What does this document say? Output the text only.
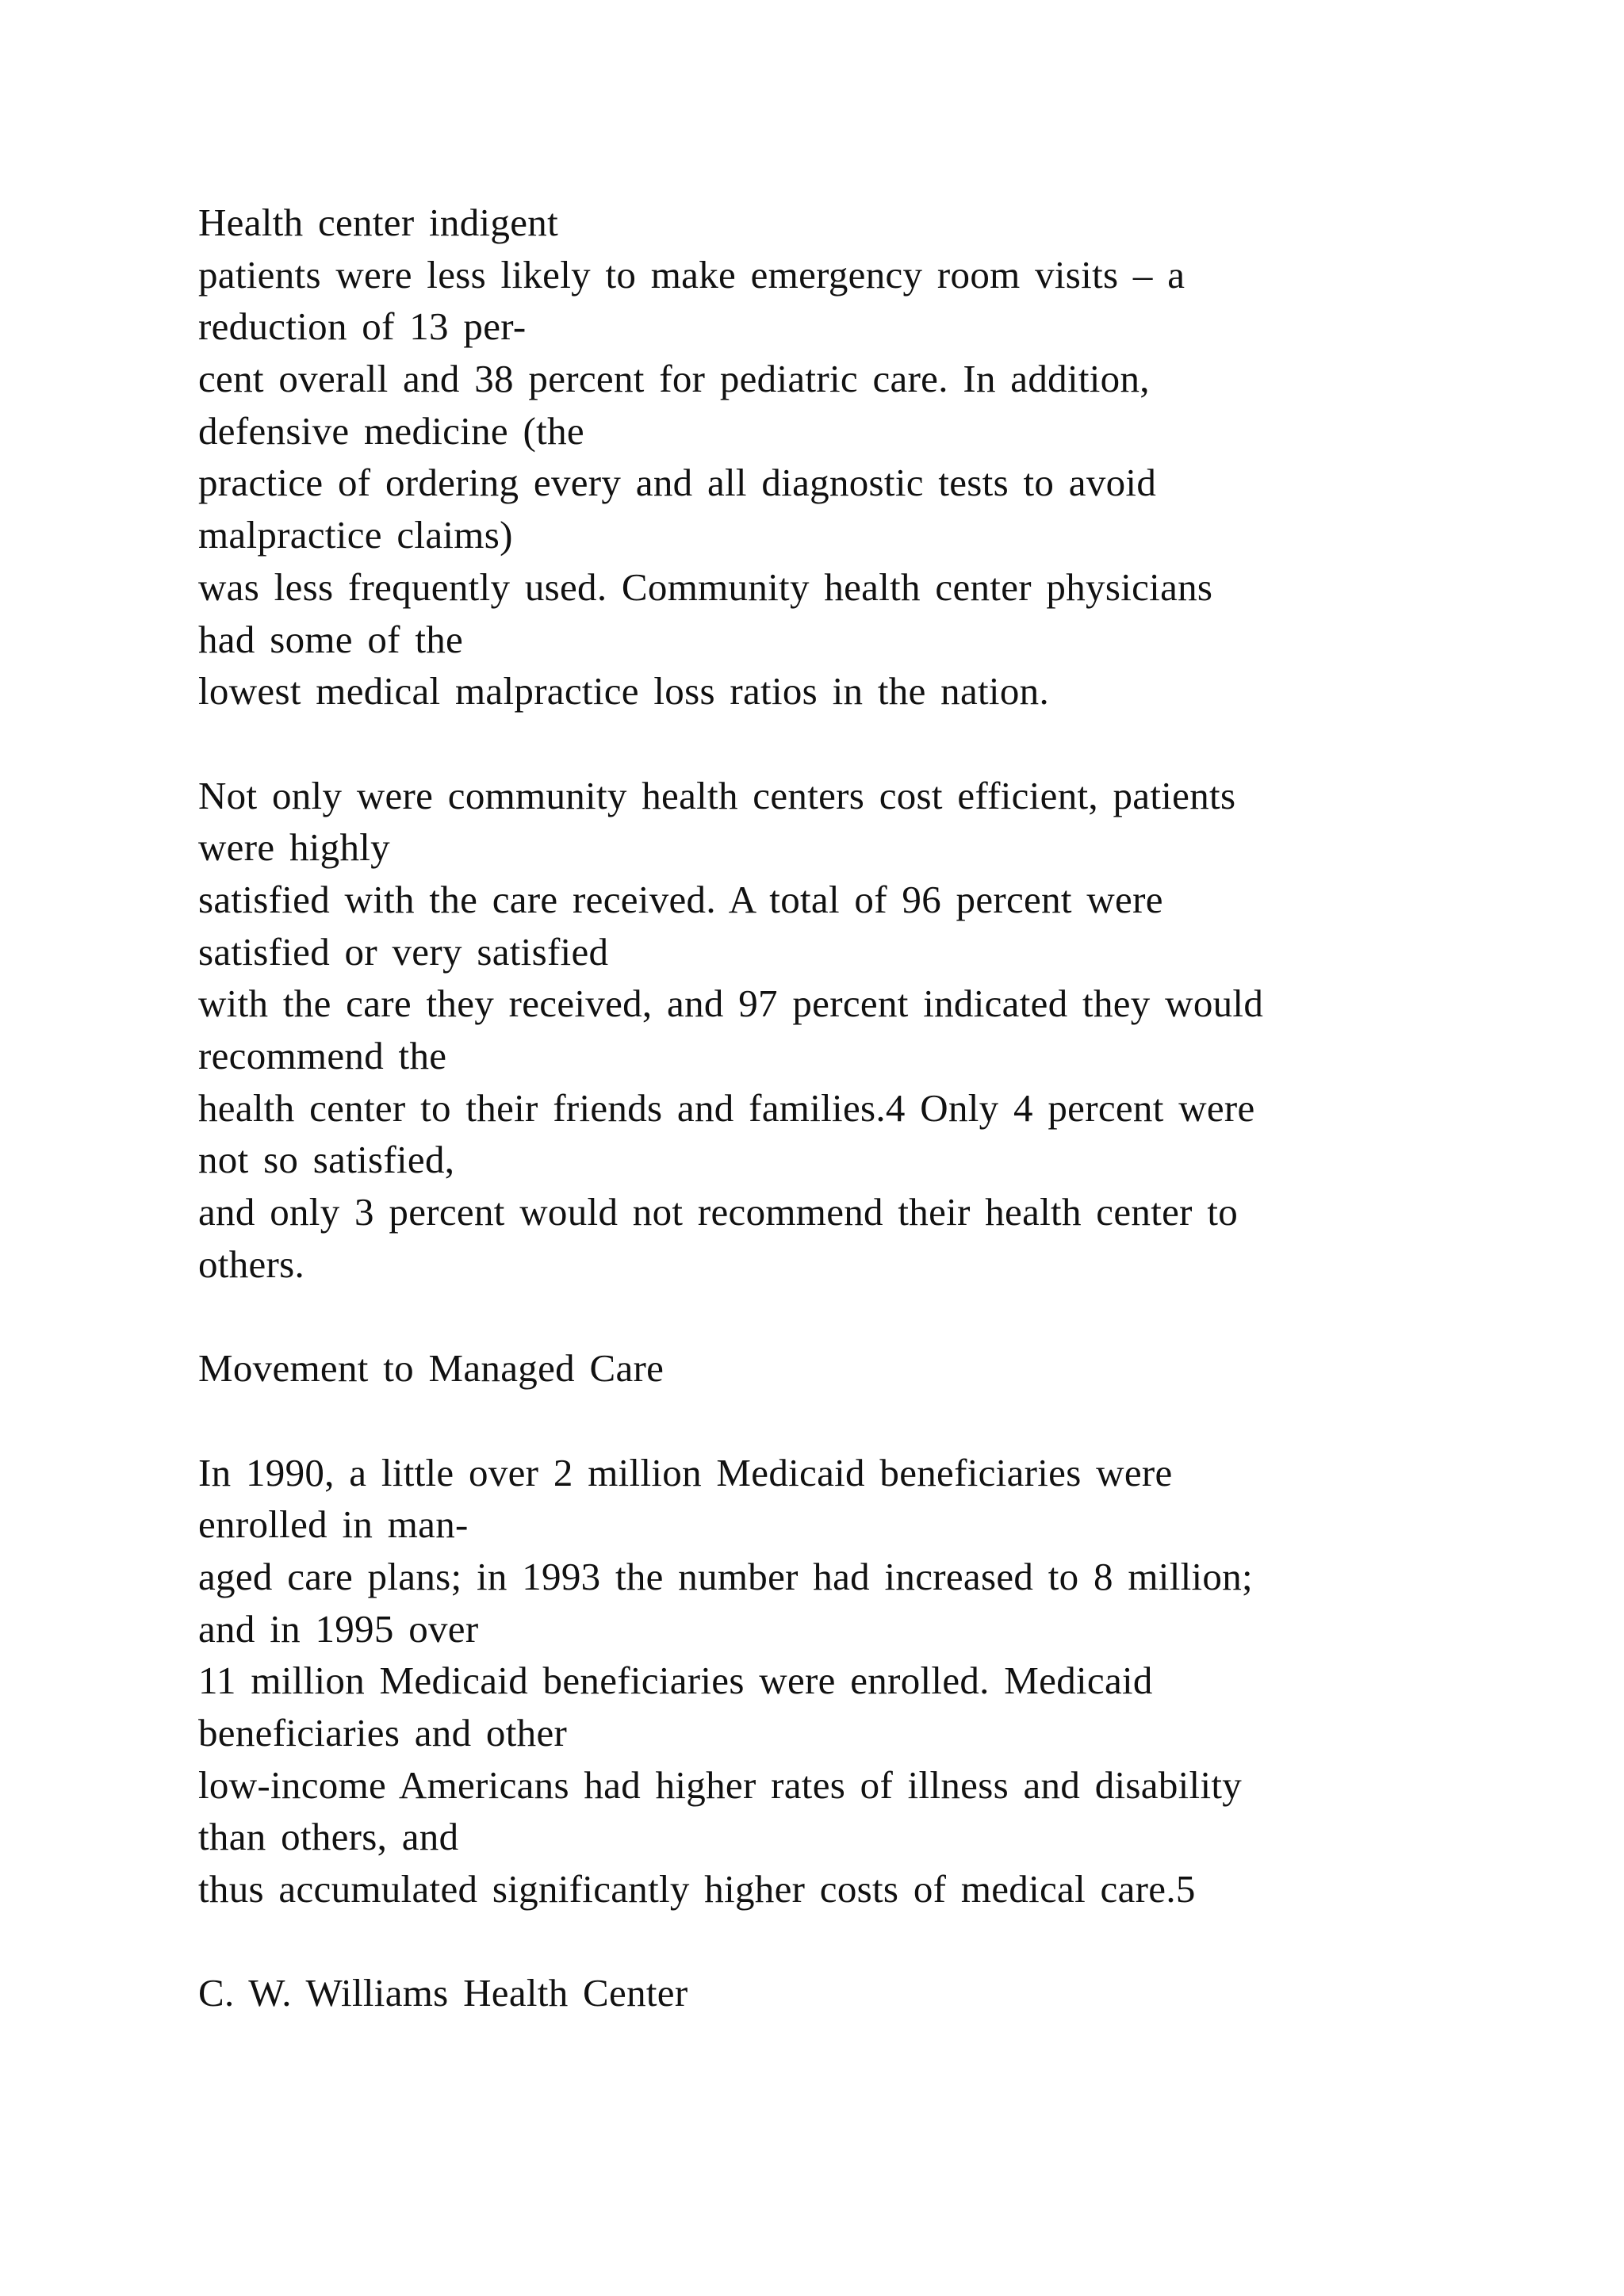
Health center indigent
patients were less likely to make emergency room visits – a
reduction of 13 per-
cent overall and 38 percent for pediatric care. In addition,
defensive medicine (the
practice of ordering every and all diagnostic tests to avoid
malpractice claims)
was less frequently used. Community health center physicians
had some of the
lowest medical malpractice loss ratios in the nation.
Not only were community health centers cost efficient, patients
were highly
satisfied with the care received. A total of 96 percent were
satisfied or very satisfied
with the care they received, and 97 percent indicated they would
recommend the
health center to their friends and families.4 Only 4 percent were
not so satisfied,
and only 3 percent would not recommend their health center to
others.
Movement to Managed Care
In 1990, a little over 2 million Medicaid beneficiaries were
enrolled in man-
aged care plans; in 1993 the number had increased to 8 million;
and in 1995 over
11 million Medicaid beneficiaries were enrolled. Medicaid
beneficiaries and other
low-income Americans had higher rates of illness and disability
than others, and
thus accumulated significantly higher costs of medical care.5
C. W. Williams Health Center
